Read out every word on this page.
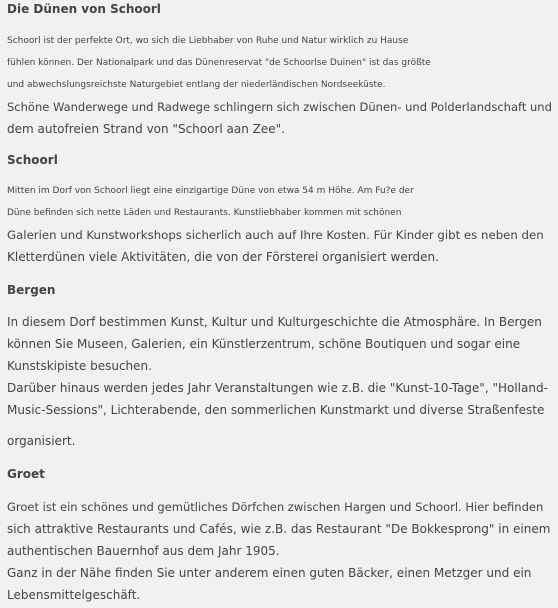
Die Dünen von Schoorl

Schoorl ist der perfekte Ort, wo sich die Liebhaber von Ruhe und Natur wirklich zu Hause
fühlen können. Der Nationalpark und das Dünenreservat "de Schoorlse Duinen" ist das größte
und abwechslungsreichste Naturgebiet entlang der niederländischen Nordseeküste.
Schöne Wanderwege und Radwege schlingern sich zwischen Dünen- und Polderlandschaft und
dem autofreien Strand von "Schoorl aan Zee".

Schoorl

Mitten im Dorf von Schoorl liegt eine einzigartige Düne von etwa 54 m Höhe. Am Fu?e der
Düne befinden sich nette Läden und Restaurants. Kunstliebhaber kommen mit schönen
Galerien und Kunstworkshops sicherlich auch auf Ihre Kosten. Für Kinder gibt es neben den
Kletterdünen viele Aktivitäten, die von der Försterei organisiert werden.

Bergen

In diesem Dorf bestimmen Kunst, Kultur und Kulturgeschichte die Atmosphäre. In Bergen
können Sie Museen, Galerien, ein Künstlerzentrum, schöne Boutiquen und sogar eine
Kunstskipiste besuchen.
Darüber hinaus werden jedes Jahr Veranstaltungen wie z.B. die "Kunst-10-Tage", "Holland-
Music-Sessions", Lichterabende, den sommerlichen Kunstmarkt und diverse Straßenfeste

organisiert.

Groet

Groet ist ein schönes und gemütliches Dörfchen zwischen Hargen und Schoorl. Hier befinden
sich attraktive Restaurants und Cafés, wie z.B. das Restaurant "De Bokkesprong" in einem
authentischen Bauernhof aus dem Jahr 1905.
Ganz in der Nähe finden Sie unter anderem einen guten Bäcker, einen Metzger und ein
Lebensmittelgeschäft.
